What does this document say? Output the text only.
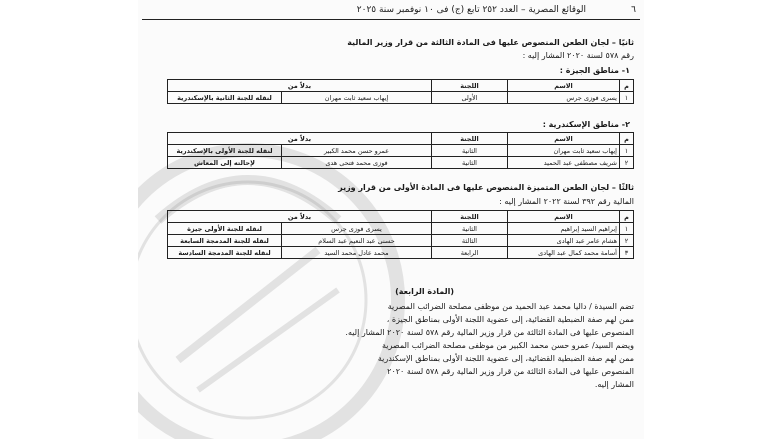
٦
الوقائع المصرية – العدد ٢٥٢ تابع (ج) فى ١٠ نوفمبر سنة ٢٠٢٥
ثانيًا – لجان الطعن المنصوص عليها فى المادة الثالثة من قرار وزير المالية
رقم ٥٧٨ لسنة ٢٠٢٠ المشار إليه :
١- مناطق الجيزة :
م	الاسم	اللجنة	بدلاً من	
١	يسرى فوزى جرس	الأولى	إيهاب سعيد ثابت مهران	لنقله للجنة الثانية بالإسكندرية
٢- مناطق الإسكندرية :
م	الاسم	اللجنة	بدلاً من	
١	إيهاب سعيد ثابت مهران	الثانية	عمرو حسن محمد الكبير	لنقله للجنة الأولى بالإسكندرية
٢	شريف مصطفى عبد الحميد	الثانية	فوزى محمد فتحى هدى	لإحالته إلى المعاش
ثالثًا – لجان الطعن المتميزة المنصوص عليها فى المادة الأولى من قرار وزير
المالية رقم ٣٩٢ لسنة ٢٠٢٢ المشار إليه :
م	الاسم	اللجنة	بدلاً من	
١	إبراهيم السيد إبراهيم	الثانية	يسرى فوزى جرس	لنقله للجنة الأولى جيزة
٢	هشام عامر عبد الهادى	الثالثة	حسنى عبد النعيم عبد السلام	لنقله للجنة المدمجة السابعة
٣	أسامة محمد كمال عبد الهادى	الرابعة	محمد عادل محمد السيد	لنقله للجنة المدمجة السادسة
(المادة الرابعة)
تضم السيدة / داليا محمد عبد الحميد من موظفى مصلحة الضرائب المصرية
ممن لهم صفة الضبطية القضائية، إلى عضوية اللجنة الأولى بمناطق الجيزة ،
المنصوص عليها فى المادة الثالثة من قرار وزير المالية رقم ٥٧٨ لسنة ٢٠٢٠ المشار إليه.
ويضم السيد/ عمرو حسن محمد الكبير من موظفى مصلحة الضرائب المصرية
ممن لهم صفة الضبطية القضائية، إلى عضوية اللجنة الأولى بمناطق الإسكندرية
المنصوص عليها فى المادة الثالثة من قرار وزير المالية رقم ٥٧٨ لسنة ٢٠٢٠
المشار إليه.
